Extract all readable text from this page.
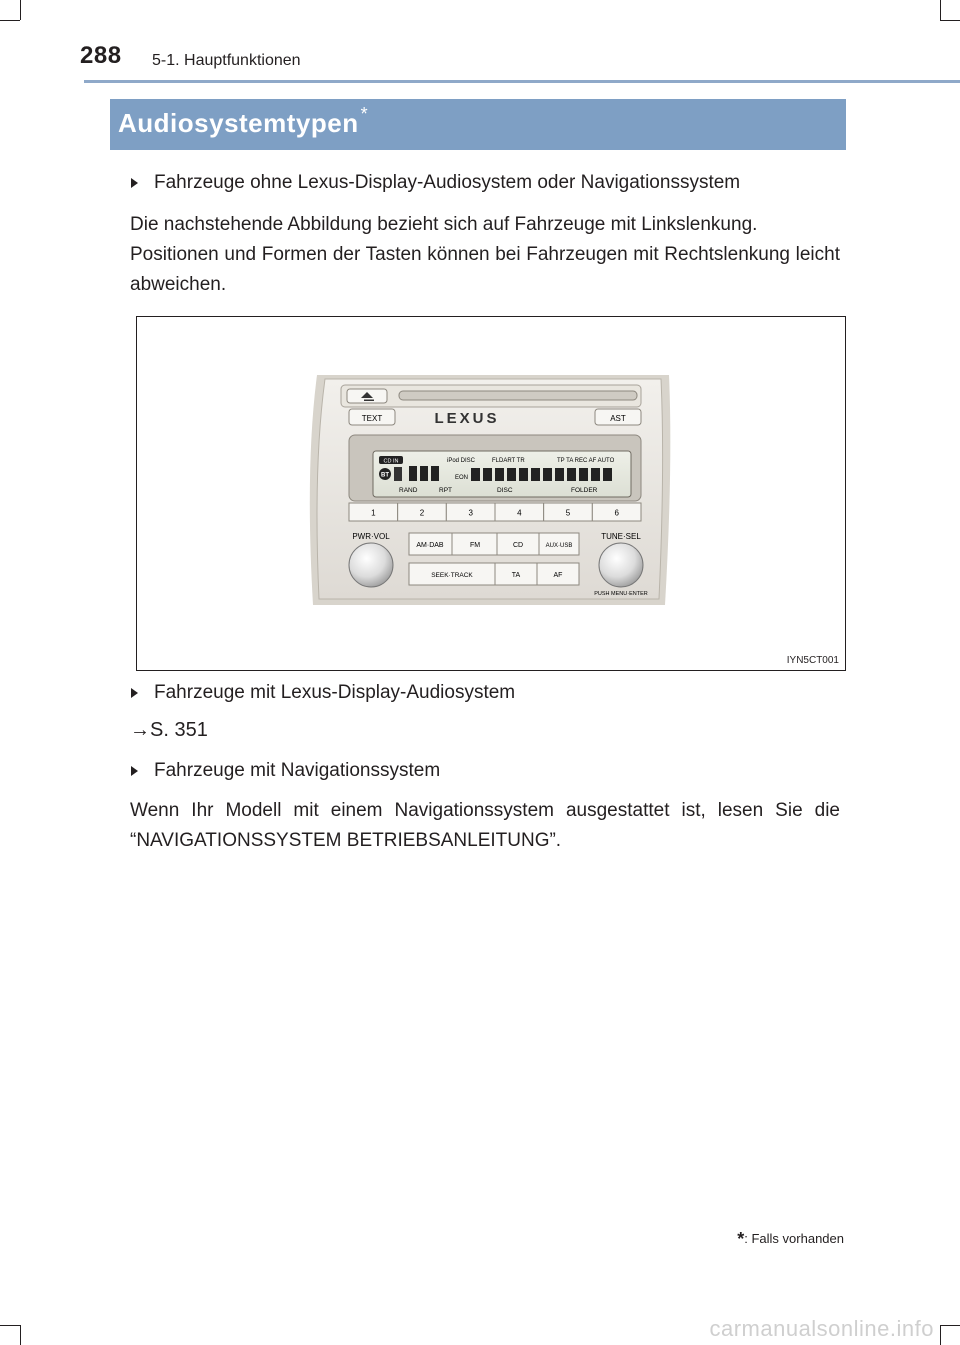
288 5-1. Hauptfunktionen
Audiosystemtypen *
Fahrzeuge ohne Lexus-Display-Audiosystem oder Navigationssystem
Die nachstehende Abbildung bezieht sich auf Fahrzeuge mit Linkslenkung.
Positionen und Formen der Tasten können bei Fahrzeugen mit Rechtslenkung leicht abweichen.
TEXT	LEXUS	AST
CD IN	iPod DISC	FLDART TR	TP TA REC AF AUTO
BT	EON
RAND	RPT	DISC	FOLDER
1	2	3	4	5	6
PWR·VOL	TUNE·SEL
PUSH MENU·ENTER
AM·DAB	FM	CD	AUX·USB
SEEK·TRACK	TA	AF
IYN5CT001
Fahrzeuge mit Lexus-Display-Audiosystem
→S. 351
Fahrzeuge mit Navigationssystem
Wenn Ihr Modell mit einem Navigationssystem ausgestattet ist, lesen Sie die “NAVIGATIONSSYSTEM BETRIEBSANLEITUNG”.
*: Falls vorhanden
carmanualsonline.info
